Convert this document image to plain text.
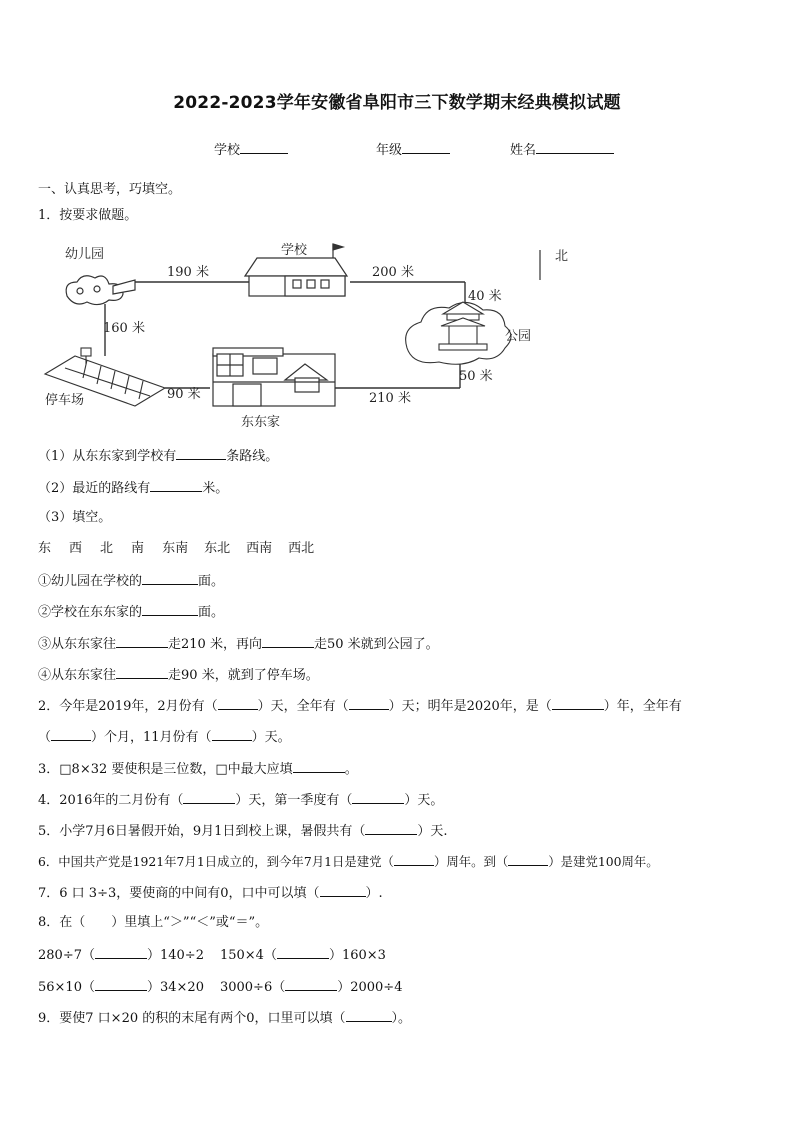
2022-2023学年安徽省阜阳市三下数学期末经典模拟试题
学校	年级	姓名
一、认真思考，巧填空。
1．按要求做题。
幼儿园	学校	北
公园
停车场
东东家
190 米	200 米
40 米
160 米
90 米	210 米
50 米
（1）从东东家到学校有	条路线。
（2）最近的路线有	米。
（3）填空。
东 西 北 南 东南 东北 西南 西北
①幼儿园在学校的	面。
②学校在东东家的	面。
③从东东家往	走210 米，再向	走50 米就到公园了。
④从东东家往	走90 米，就到了停车场。
2．今年是2019年，2月份有（	）天，全年有（	）天；明年是2020年，是（	）年，全年有
（	）个月，11月份有（	）天。
3．□8×32 要使积是三位数，□中最大应填	。
4．2016年的二月份有（	）天，第一季度有（	）天。
5．小学7月6日暑假开始，9月1日到校上课，暑假共有（	）天.
6．中国共产党是1921年7月1日成立的，到今年7月1日是建党（	）周年。到（	）是建党100周年。
7．6 口 3÷3，要使商的中间有0，口中可以填（	）.
8．在（　　）里填上“＞”“＜”或“＝”。
280÷7（	）140÷2 150×4（	）160×3
56×10（	）34×20 3000÷6（	）2000÷4
9．要使7 口×20 的积的末尾有两个0，口里可以填（	）。
